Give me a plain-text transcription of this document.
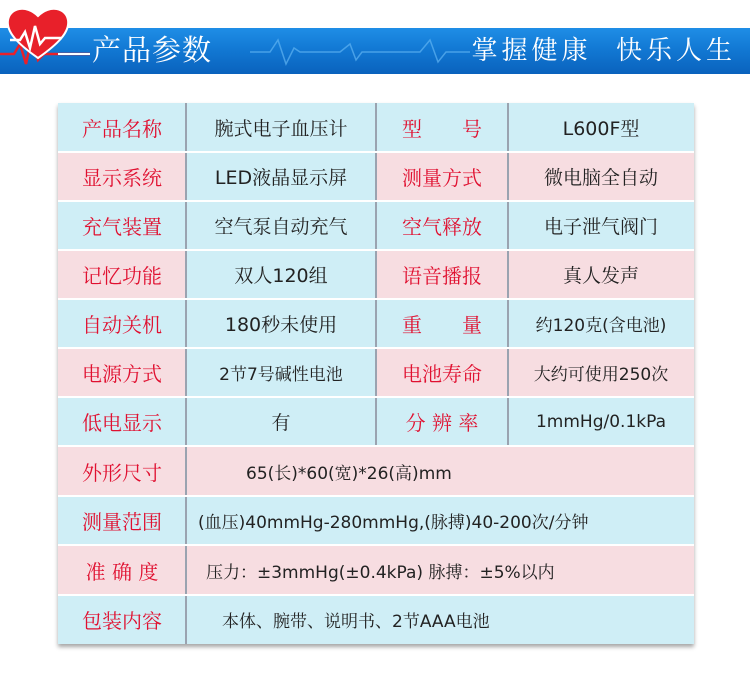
产品参数	掌握健康  快乐人生
产品名称	腕式电子血压计	型　　号	L600F型
显示系统	LED液晶显示屏	测量方式	微电脑全自动
充气装置	空气泵自动充气	空气释放	电子泄气阀门
记忆功能	双人120组	语音播报	真人发声
自动关机	180秒未使用	重　　量	约120克(含电池)
电源方式	2节7号碱性电池	电池寿命	大约可使用250次
低电显示	有	分 辨 率	1mmHg/0.1kPa
外形尺寸	65(长)*60(宽)*26(高)mm
测量范围	(血压)40mmHg-280mmHg,(脉搏)40-200次/分钟
准 确 度	压力：±3mmHg(±0.4kPa) 脉搏：±5%以内
包装内容	本体、腕带、说明书、2节AAA电池
